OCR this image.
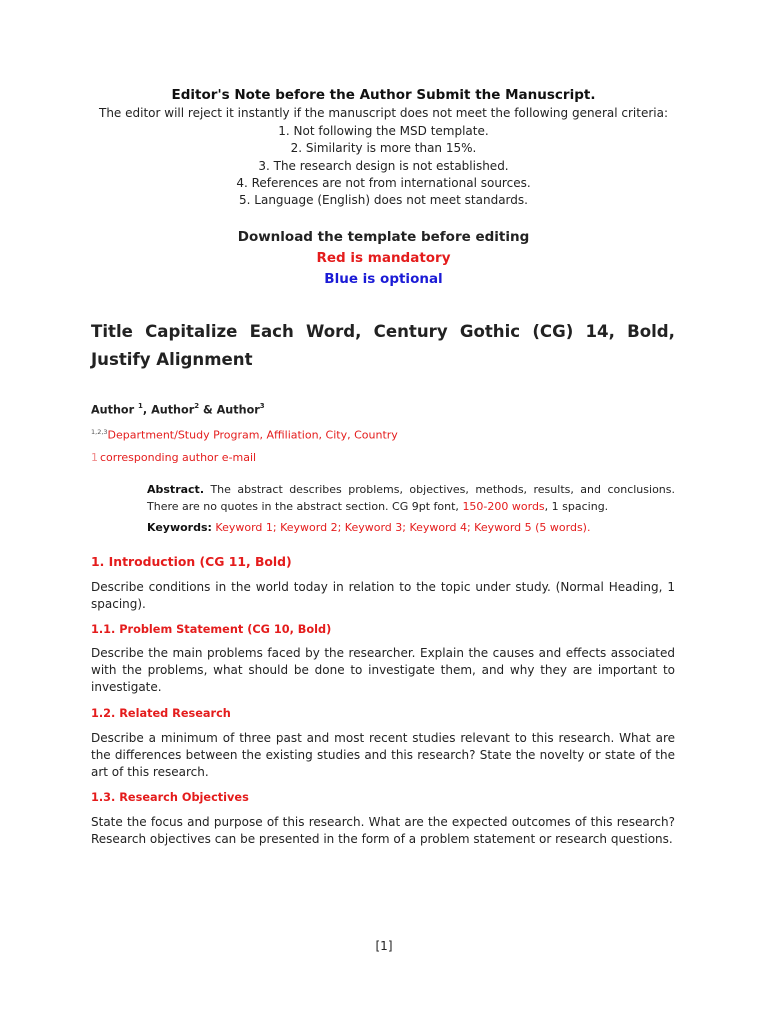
Editor's Note before the Author Submit the Manuscript.
The editor will reject it instantly if the manuscript does not meet the following general criteria:
1. Not following the MSD template.
2. Similarity is more than 15%.
3. The research design is not established.
4. References are not from international sources.
5. Language (English) does not meet standards.
Download the template before editing
Red is mandatory
Blue is optional
Title Capitalize Each Word, Century Gothic (CG) 14, Bold, Justify Alignment
Author $^1$, Author$^2$ & Author$^3$
$^{1,2,3}$Department/Study Program, Affiliation, City, Country
1 corresponding author e-mail
Abstract. The abstract describes problems, objectives, methods, results, and conclusions. There are no quotes in the abstract section. CG 9pt font, 150-200 words, 1 spacing.
Keywords: Keyword 1; Keyword 2; Keyword 3; Keyword 4; Keyword 5 (5 words).
1. Introduction (CG 11, Bold)
Describe conditions in the world today in relation to the topic under study. (Normal Heading, 1 spacing).
1.1. Problem Statement (CG 10, Bold)
Describe the main problems faced by the researcher. Explain the causes and effects associated with the problems, what should be done to investigate them, and why they are important to investigate.
1.2. Related Research
Describe a minimum of three past and most recent studies relevant to this research. What are the differences between the existing studies and this research? State the novelty or state of the art of this research.
1.3. Research Objectives
State the focus and purpose of this research. What are the expected outcomes of this research? Research objectives can be presented in the form of a problem statement or research questions.
[1]
